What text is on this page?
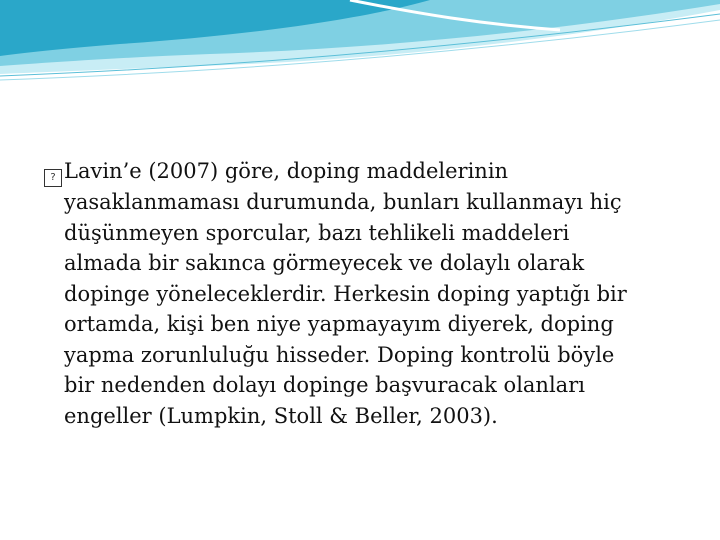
? Lavin’e (2007) göre, doping maddelerinin
yasaklanmaması durumunda, bunları kullanmayı hiç
düşünmeyen sporcular, bazı tehlikeli maddeleri
almada bir sakınca görmeyecek ve dolaylı olarak
dopinge yöneleceklerdir. Herkesin doping yaptığı bir
ortamda, kişi ben niye yapmayayım diyerek, doping
yapma zorunluluğu hisseder. Doping kontrolü böyle
bir nedenden dolayı dopinge başvuracak olanları
engeller (Lumpkin, Stoll & Beller, 2003).
